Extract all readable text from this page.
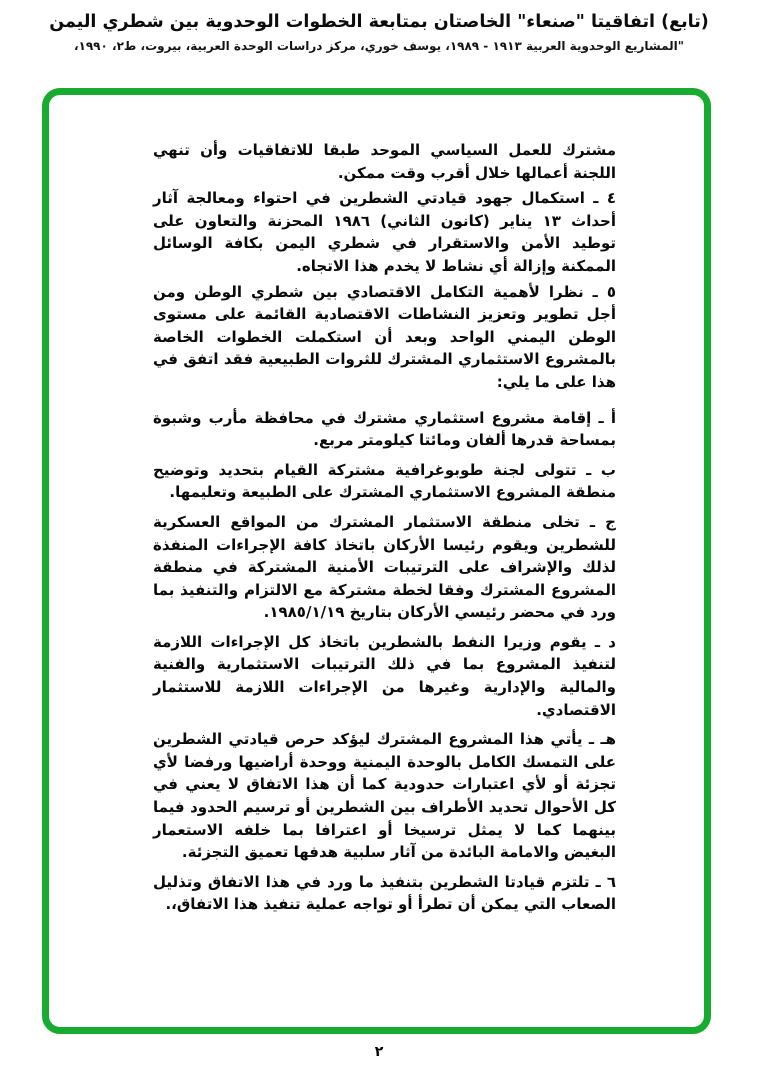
(تابع) اتفاقيتا "صنعاء" الخاصتان بمتابعة الخطوات الوحدوية بين شطري اليمن
"المشاريع الوحدوية العربية ١٩١٣ - ١٩٨٩، يوسف خوري، مركز دراسات الوحدة العربية، بيروت، ط٢، ١٩٩٠،

مشترك للعمل السياسي الموحد طبقا للاتفاقيات وأن تنهي اللجنة أعمالها خلال أقرب وقت ممكن.

٤ ـ استكمال جهود قيادتي الشطرين في احتواء ومعالجة آثار أحداث ١٣ يناير (كانون الثاني) ١٩٨٦ المحزنة والتعاون على توطيد الأمن والاستقرار في شطري اليمن بكافة الوسائل الممكنة وإزالة أي نشاط لا يخدم هذا الاتجاه.

٥ ـ نظرا لأهمية التكامل الاقتصادي بين شطري الوطن ومن أجل تطوير وتعزيز النشاطات الاقتصادية القائمة على مستوى الوطن اليمني الواحد وبعد أن استكملت الخطوات الخاصة بالمشروع الاستثماري المشترك للثروات الطبيعية فقد اتفق في هذا على ما يلي:

أ ـ إقامة مشروع استثماري مشترك في محافظة مأرب وشبوة بمساحة قدرها ألفان ومائتا كيلومتر مربع.

ب ـ تتولى لجنة طوبوغرافية مشتركة القيام بتحديد وتوضيح منطقة المشروع الاستثماري المشترك على الطبيعة وتعليمها.

ج ـ تخلى منطقة الاستثمار المشترك من المواقع العسكرية للشطرين ويقوم رئيسا الأركان باتخاذ كافة الإجراءات المنفذة لذلك والإشراف على الترتيبات الأمنية المشتركة في منطقة المشروع المشترك وفقا لخطة مشتركة مع الالتزام والتنفيذ بما ورد في محضر رئيسي الأركان بتاريخ ١٩٨٥/١/١٩.

د ـ يقوم وزيرا النفط بالشطرين باتخاذ كل الإجراءات اللازمة لتنفيذ المشروع بما في ذلك الترتيبات الاستثمارية والفنية والمالية والإدارية وغيرها من الإجراءات اللازمة للاستثمار الاقتصادي.

هـ ـ يأتي هذا المشروع المشترك ليؤكد حرص قيادتي الشطرين على التمسك الكامل بالوحدة اليمنية ووحدة أراضيها ورفضا لأي تجزئة أو لأي اعتبارات حدودية كما أن هذا الاتفاق لا يعني في كل الأحوال تحديد الأطراف بين الشطرين أو ترسيم الحدود فيما بينهما كما لا يمثل ترسيخا أو اعترافا بما خلفه الاستعمار البغيض والامامة البائدة من آثار سلبية هدفها تعميق التجزئة.

٦ ـ تلتزم قيادتا الشطرين بتنفيذ ما ورد في هذا الاتفاق وتذليل الصعاب التي يمكن أن تطرأ أو تواجه عملية تنفيذ هذا الاتفاق،.

٢
